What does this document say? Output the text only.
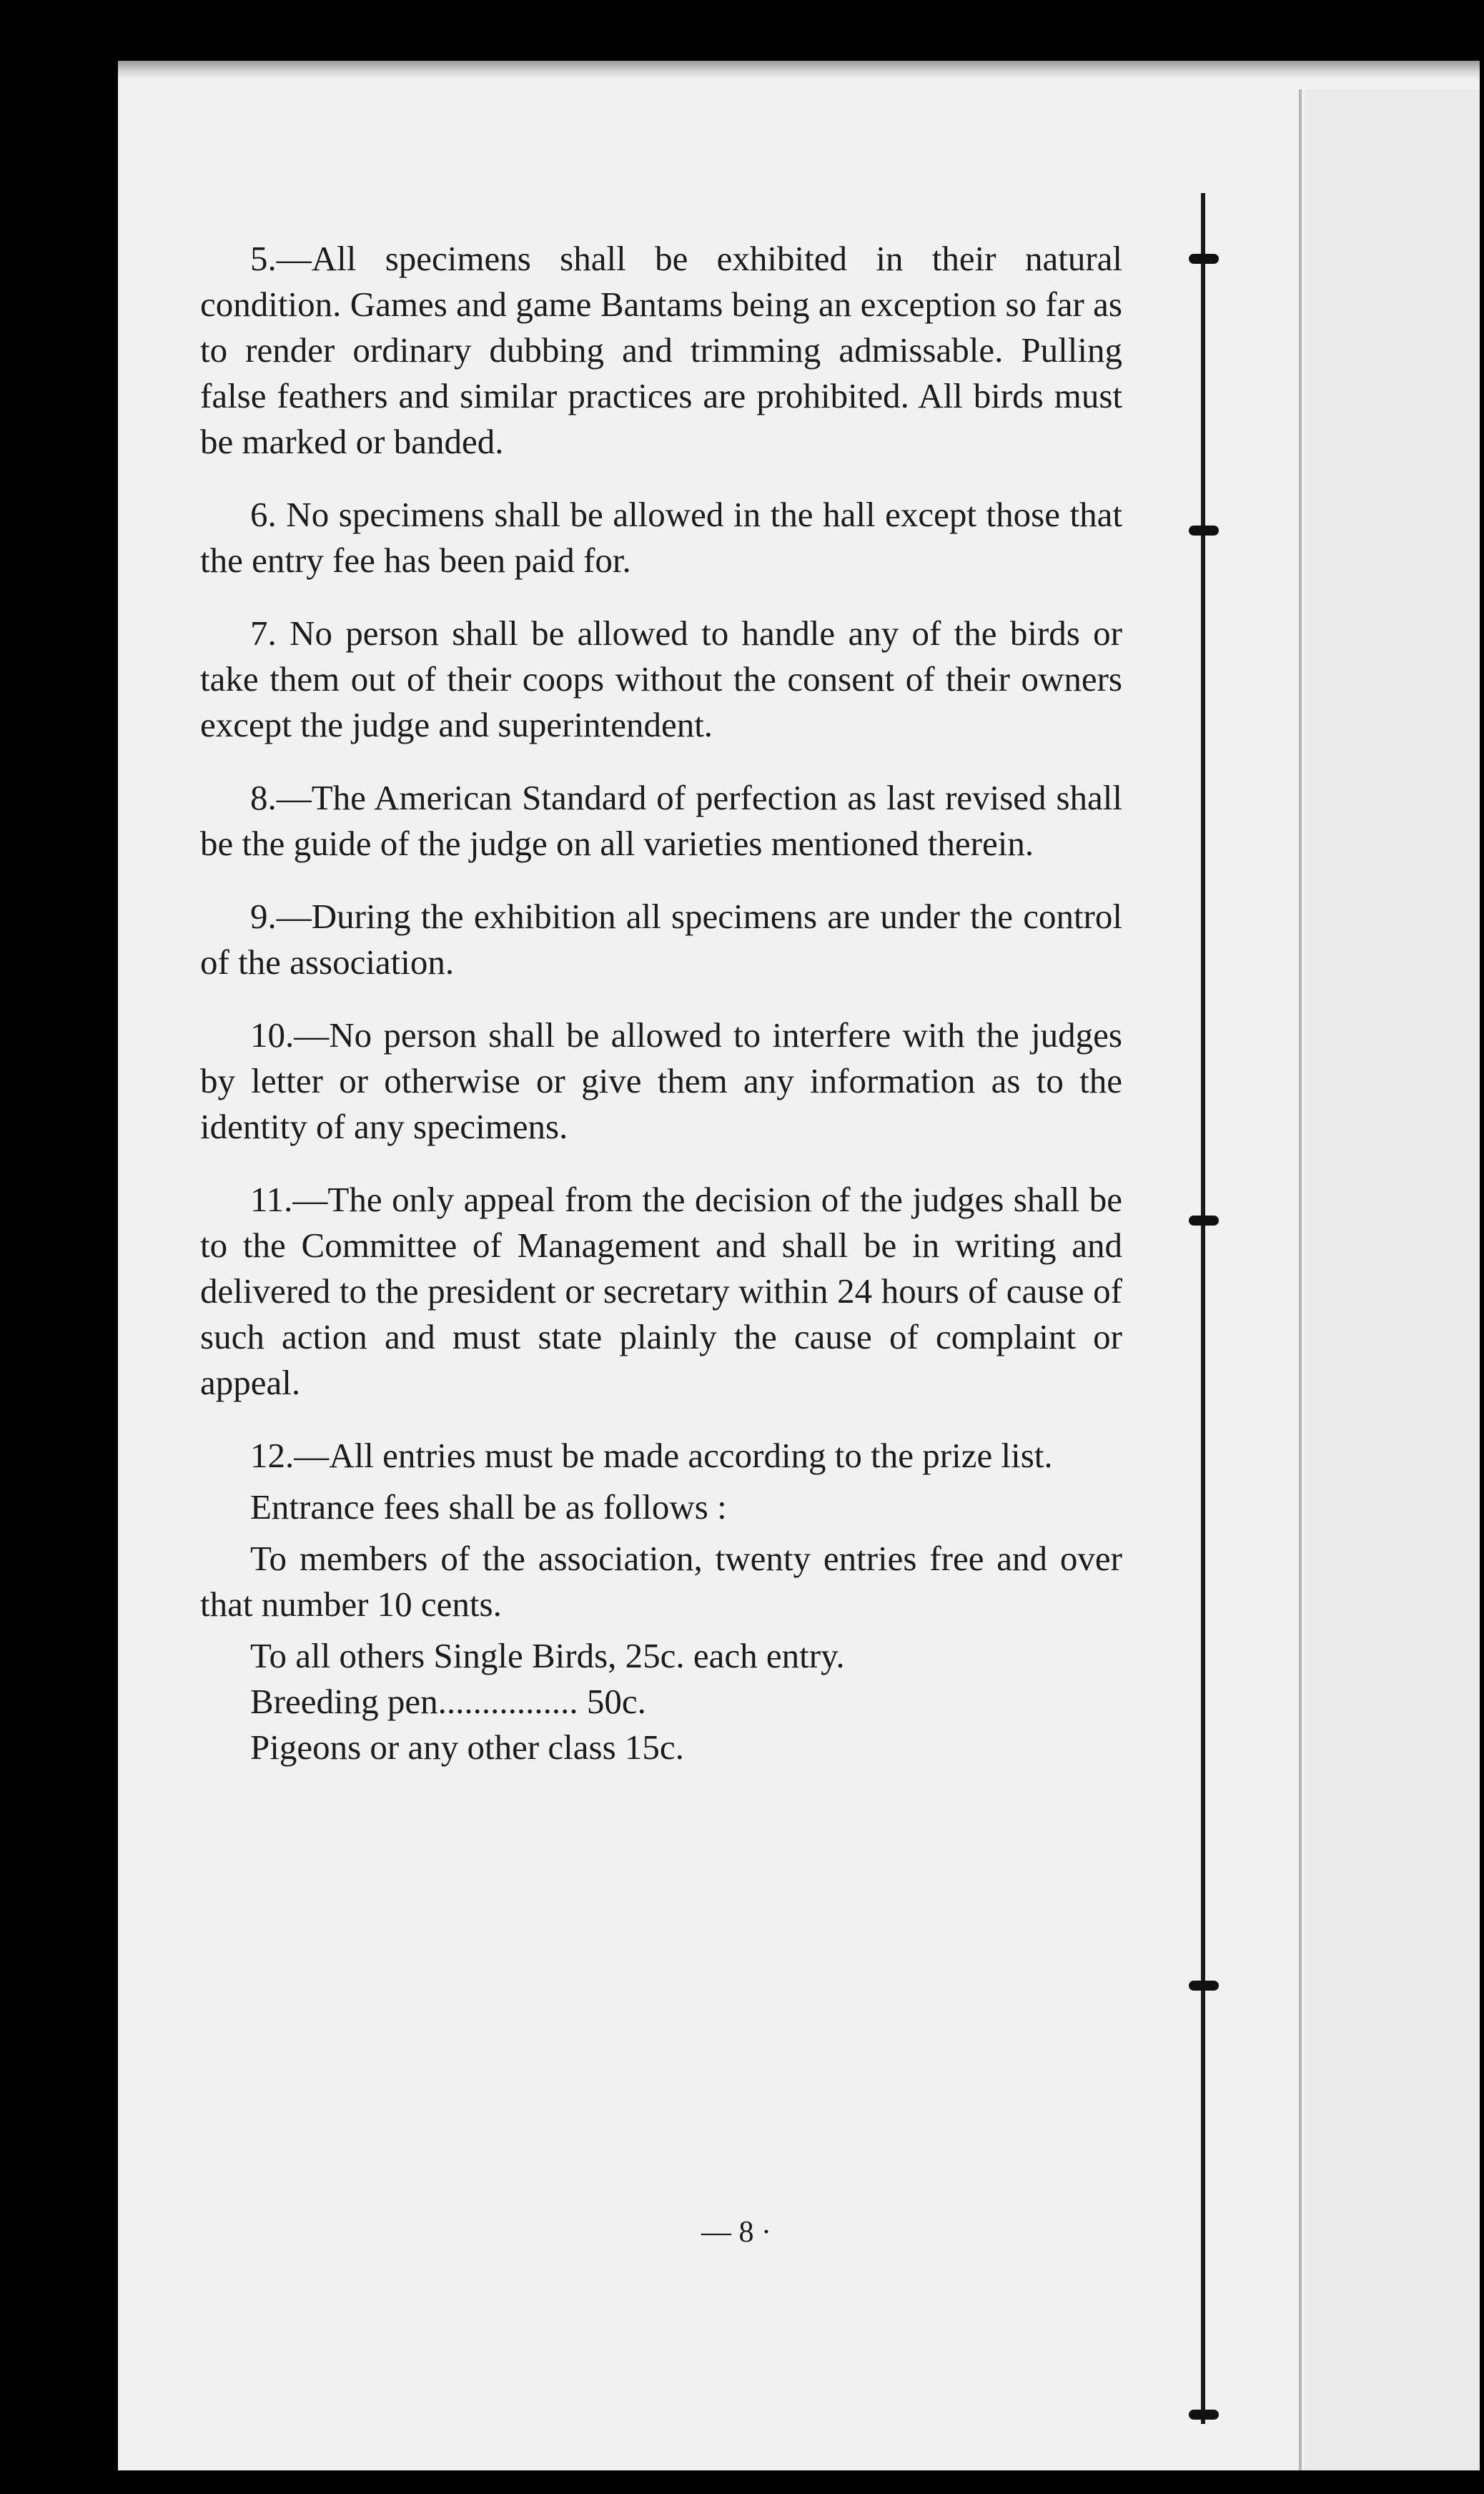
5.—All specimens shall be exhibited in their natural condition. Games and game Bantams being an exception so far as to render ordinary dubbing and trimming admissable. Pulling false feathers and similar practices are prohibited. All birds must be marked or banded.

6. No specimens shall be allowed in the hall except those that the entry fee has been paid for.

7. No person shall be allowed to handle any of the birds or take them out of their coops without the consent of their owners except the judge and superintendent.

8.—The American Standard of perfection as last revised shall be the guide of the judge on all varieties mentioned therein.

9.—During the exhibition all specimens are under the control of the association.

10.—No person shall be allowed to interfere with the judges by letter or otherwise or give them any information as to the identity of any specimens.

11.—The only appeal from the decision of the judges shall be to the Committee of Management and shall be in writing and delivered to the president or secretary within 24 hours of cause of such action and must state plainly the cause of complaint or appeal.

12.—All entries must be made according to the prize list.

Entrance fees shall be as follows :

To members of the association, twenty entries free and over that number 10 cents.

To all others Single Birds, 25c. each entry.

Breeding pen................ 50c.

Pigeons or any other class 15c.

— 8 ·
